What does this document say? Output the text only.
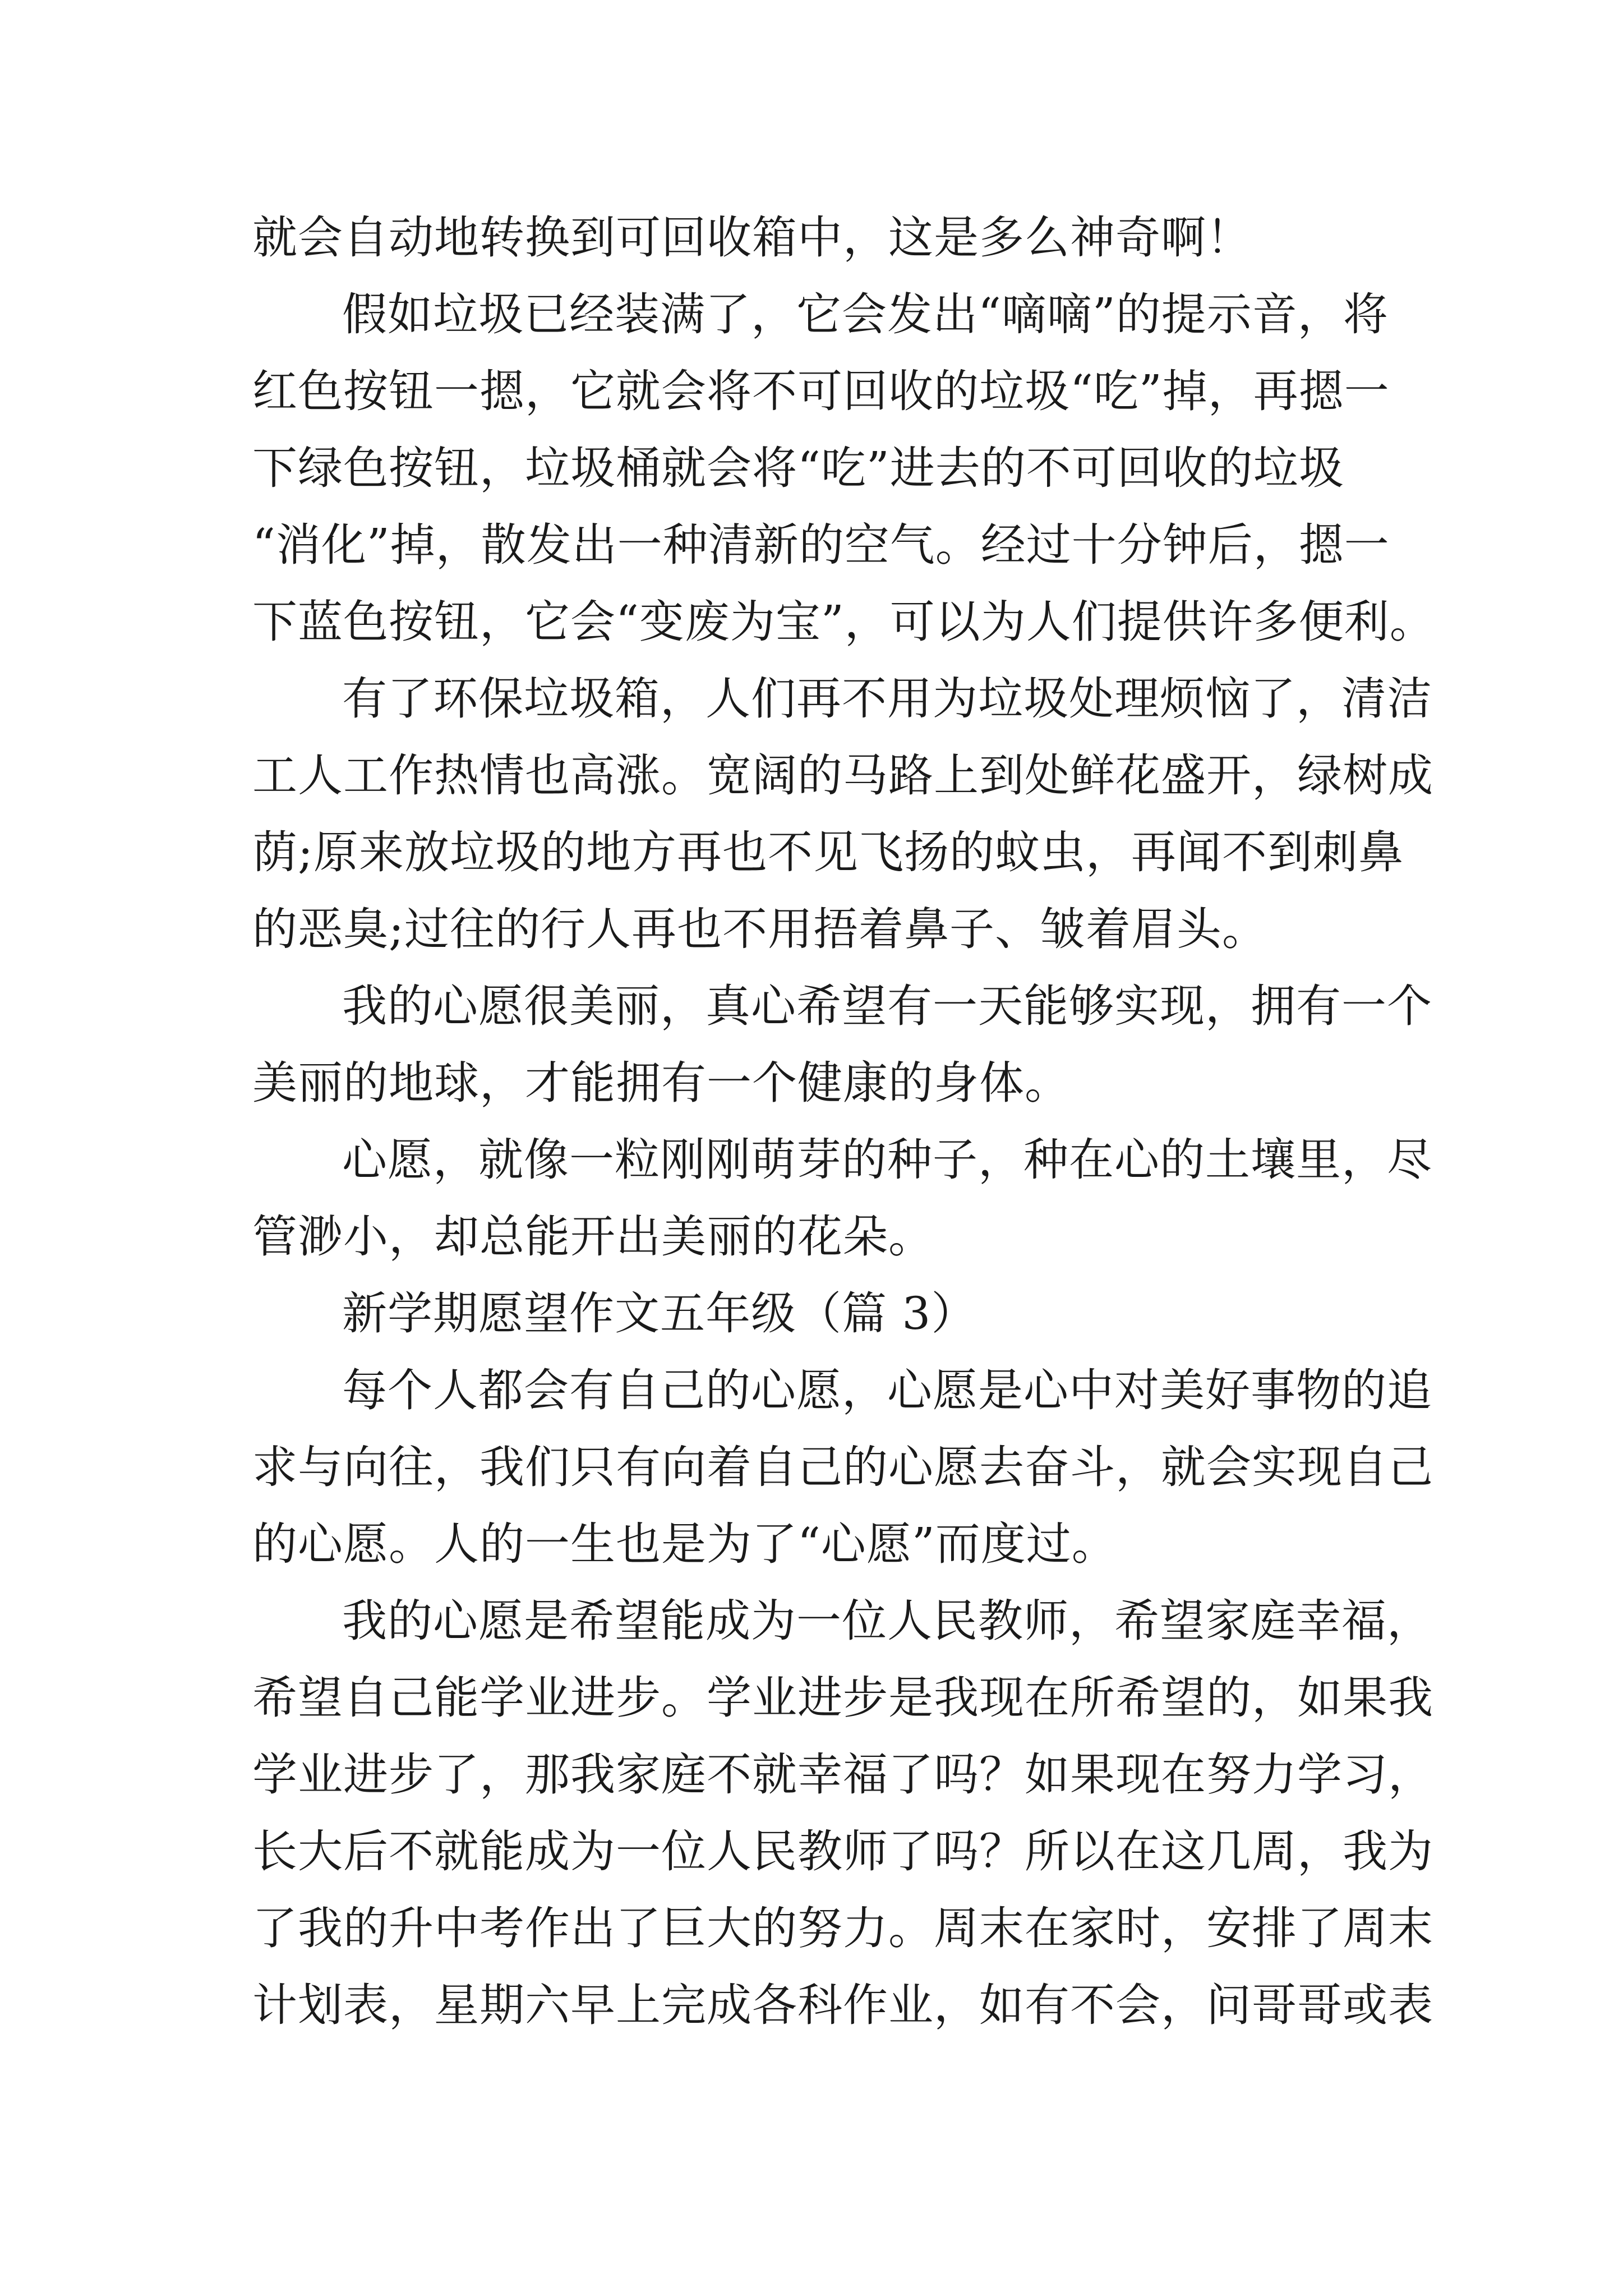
就会自动地转换到可回收箱中，这是多么神奇啊！
假如垃圾已经装满了，它会发出“嘀嘀”的提示音，将
红色按钮一摁，它就会将不可回收的垃圾“吃”掉，再摁一
下绿色按钮，垃圾桶就会将“吃”进去的不可回收的垃圾
“消化”掉，散发出一种清新的空气。经过十分钟后，摁一
下蓝色按钮，它会“变废为宝”，可以为人们提供许多便利。
有了环保垃圾箱，人们再不用为垃圾处理烦恼了，清洁
工人工作热情也高涨。宽阔的马路上到处鲜花盛开，绿树成
荫;原来放垃圾的地方再也不见飞扬的蚊虫，再闻不到刺鼻
的恶臭;过往的行人再也不用捂着鼻子、皱着眉头。
我的心愿很美丽，真心希望有一天能够实现，拥有一个
美丽的地球，才能拥有一个健康的身体。
心愿，就像一粒刚刚萌芽的种子，种在心的土壤里，尽
管渺小，却总能开出美丽的花朵。
新学期愿望作文五年级（篇 3）
每个人都会有自己的心愿，心愿是心中对美好事物的追
求与向往，我们只有向着自己的心愿去奋斗，就会实现自己
的心愿。人的一生也是为了“心愿”而度过。
我的心愿是希望能成为一位人民教师，希望家庭幸福，
希望自己能学业进步。学业进步是我现在所希望的，如果我
学业进步了，那我家庭不就幸福了吗？如果现在努力学习，
长大后不就能成为一位人民教师了吗？所以在这几周，我为
了我的升中考作出了巨大的努力。周末在家时，安排了周末
计划表，星期六早上完成各科作业，如有不会，问哥哥或表
